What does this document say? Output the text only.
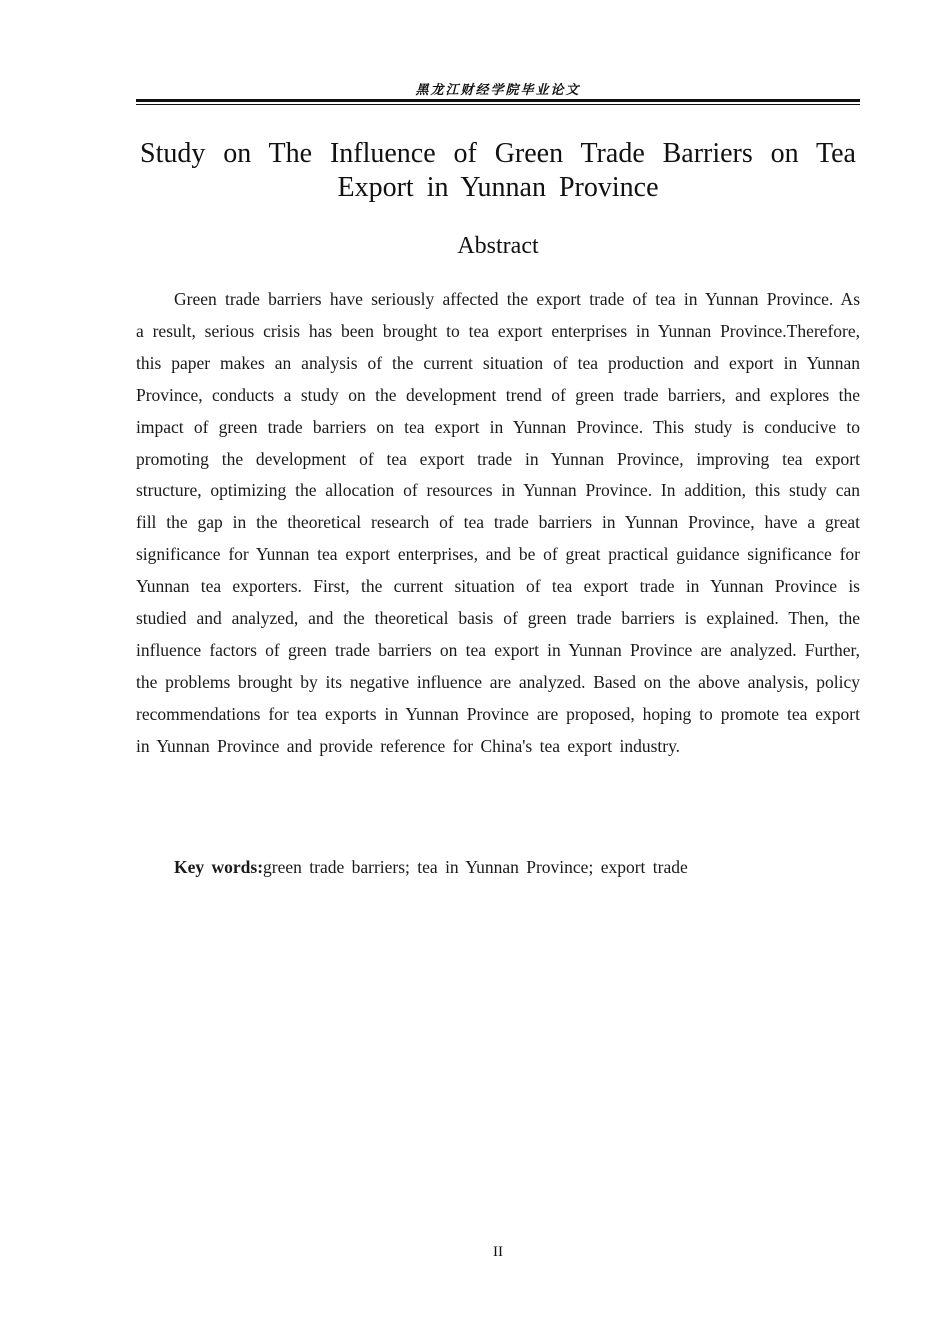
黑龙江财经学院毕业论文
Study on The Influence of Green Trade Barriers on Tea
Export in Yunnan Province
Abstract

Green trade barriers have seriously affected the export trade of tea in Yunnan Province. As a result, serious crisis has been brought to tea export enterprises in Yunnan Province.Therefore, this paper makes an analysis of the current situation of tea production and export in Yunnan Province, conducts a study on the development trend of green trade barriers, and explores the impact of green trade barriers on tea export in Yunnan Province. This study is conducive to promoting the development of tea export trade in Yunnan Province, improving tea export structure, optimizing the allocation of resources in Yunnan Province. In addition, this study can fill the gap in the theoretical research of tea trade barriers in Yunnan Province, have a great significance for Yunnan tea export enterprises, and be of great practical guidance significance for Yunnan tea exporters. First, the current situation of tea export trade in Yunnan Province is studied and analyzed, and the theoretical basis of green trade barriers is explained. Then, the influence factors of green trade barriers on tea export in Yunnan Province are analyzed. Further, the problems brought by its negative influence are analyzed. Based on the above analysis, policy recommendations for tea exports in Yunnan Province are proposed, hoping to promote tea export in Yunnan Province and provide reference for China's tea export industry.

Key words:green trade barriers; tea in Yunnan Province; export trade

II
